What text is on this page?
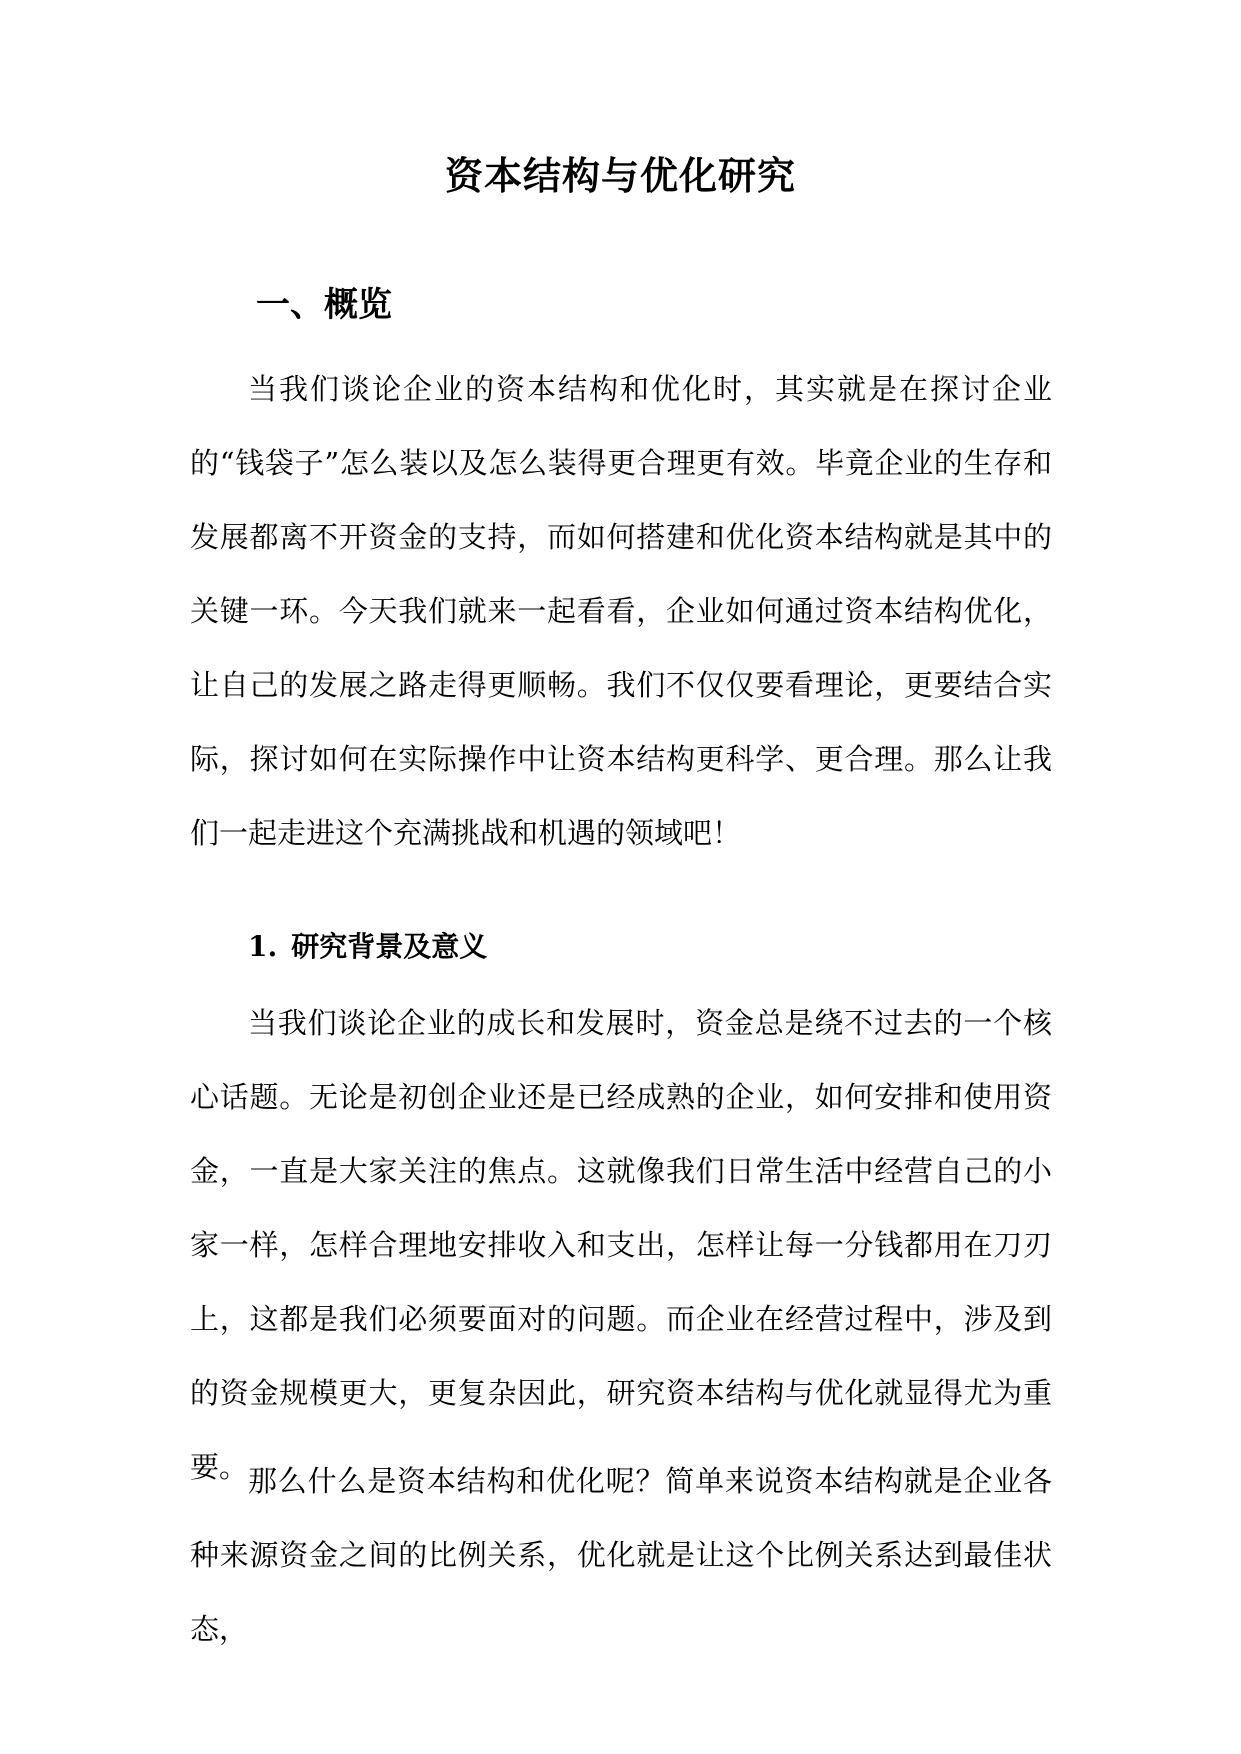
资本结构与优化研究
一、概览

当我们谈论企业的资本结构和优化时，其实就是在探讨企业的“钱袋子”怎么装以及怎么装得更合理更有效。毕竟企业的生存和发展都离不开资金的支持，而如何搭建和优化资本结构就是其中的关键一环。今天我们就来一起看看，企业如何通过资本结构优化，让自己的发展之路走得更顺畅。我们不仅仅要看理论，更要结合实际，探讨如何在实际操作中让资本结构更科学、更合理。那么让我们一起走进这个充满挑战和机遇的领域吧！

1. 研究背景及意义

当我们谈论企业的成长和发展时，资金总是绕不过去的一个核心话题。无论是初创企业还是已经成熟的企业，如何安排和使用资金，一直是大家关注的焦点。这就像我们日常生活中经营自己的小家一样，怎样合理地安排收入和支出，怎样让每一分钱都用在刀刃上，这都是我们必须要面对的问题。而企业在经营过程中，涉及到的资金规模更大，更复杂因此，研究资本结构与优化就显得尤为重要。 那么什么是资本结构和优化呢？简单来说资本结构就是企业各种来源资金之间的比例关系，优化就是让这个比例关系达到最佳状态，
